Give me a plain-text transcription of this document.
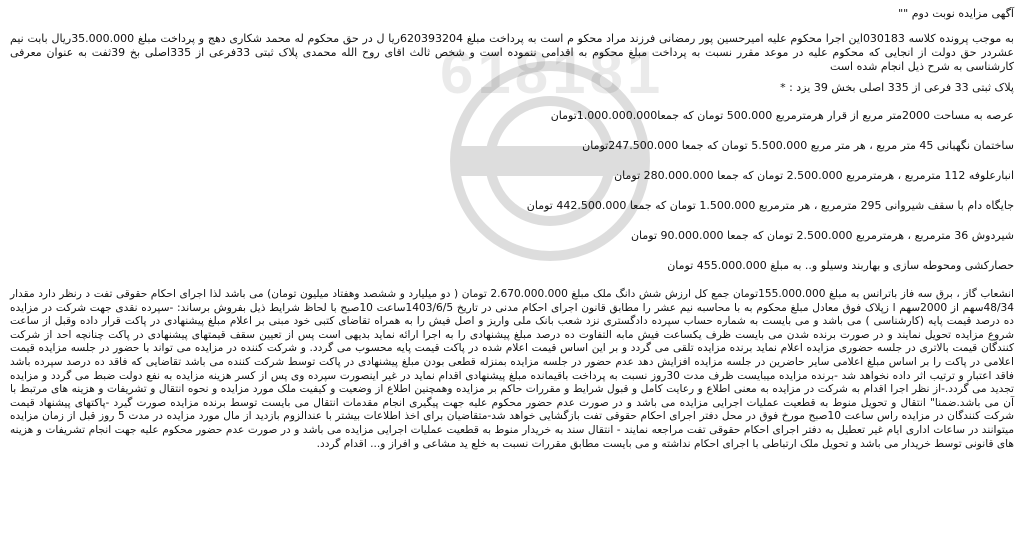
618181
آگهی مزایده نوبت دوم ""
به موجب پرونده کلاسه 030183این اجرا محکوم علیه امیرحسین پور رمضانی فرزند مراد محکو م است به پرداخت مبلغ 620393204ریا ل در حق محکوم له محمد شکاری دهج و پرداخت مبلغ 35.000.000ریال بابت نیم عشردر حق دولت از انجایی که محکوم علیه در موعد مقرر نسبت به پرداخت مبلغ محکوم به اقدامی ننموده است و شخص ثالث اقای روح الله محمدی پلاک ثبتی 33فرعی از 335اصلی بخ 39ثفت به عنوان معرفی کارشناسی به شرح ذیل انجام شده است
پلاک ثبتی 33 فرعی از 335 اصلی بخش 39 یزد : *
عرصه به مساحت 2000متر مربع از قرار هرمترمربع 500.000 تومان که جمعا1.000.000.000تومان
ساختمان نگهبانی 45 متر مربع ، هر متر مربع 5.500.000 تومان که جمعا 247.500.000تومان
انبارعلوفه 112 مترمربع ، هرمترمربع 2.500.000 تومان که جمعا 280.000.000 تومان
جایگاه دام با سقف شیروانی 295 مترمربع ، هر مترمربع 1.500.000 تومان که جمعا 442.500.000 تومان
شیردوش 36 مترمربع ، هرمترمربع 2.500.000 تومان که جمعا 90.000.000 تومان
حصارکشی ومحوطه سازی و بهاربند وسیلو و.. به مبلغ 455.000.000 تومان
انشعاب گاز ، برق سه فاز باترانس به مبلغ 155.000.000تومان جمع کل ارزش شش دانگ ملک مبلغ 2.670.000.000 تومان ( دو میلیارد و ششصد وهفتاد میلیون تومان) می باشد لذا اجرای احکام حقوقی تفت د رنظر دارد مقدار 48/34سهم از 2000سهم ا زپلاک فوق معادل مبلغ محکوم به با محاسبه نیم عشر را مطابق قانون اجرای احکام مدنی در تاریخ 1403/6/5ساعت 10صبح با لحاظ شرایط ذیل بفروش برساند: -سپرده نقدی جهت شرکت در مزایده ده درصد قیمت پایه (کارشناسی ) می باشد و می بایست به شماره حساب سپرده دادگستری نزد شعب بانک ملی واریز و اصل فیش را به همراه تقاضای کتبی خود مبنی بر اعلام مبلغ پیشنهادی در پاکت قرار داده وقبل از ساعت شروع مزایده تحویل نمایند و در صورت برنده شدن می بایست ظرف یکساعت فیش مابه التفاوت ده درصد مبلغ پیشنهادی را به اجرا ارائه نماید بدیهی است پس از تعیین سقف قیمتهای پیشنهادی در پاکت چنانچه احد از شرکت کنندگان قیمت بالاتری در جلسه حضوری مزایده اعلام نماید برنده مزایده تلقی می گردد و بر این اساس قیمت اعلام شده در پاکت قیمت پایه محسوب می گردد. و شرکت کننده در مزایده می تواند با حضور در جلسه مزایده قیمت اعلامی در پاکت را بر اساس مبلغ اعلامی سایر حاضرین در جلسه مزایده افزایش دهد عدم حضور در جلسه مزایده بمنزله قطعی بودن مبلغ پیشنهادی در پاکت توسط شرکت کننده می باشد تقاضایی که فاقد ده درصد سپرده باشد فاقد اعتبار و ترتیب اثر داده نخواهد شد -برنده مزایده میبایست ظرف مدت 30روز نسبت به پرداخت باقیمانده مبلغ پیشنهادی اقدام نماید در غیر اینصورت سپرده وی پس از کسر هزینه مزایده به نفع دولت ضبط می گردد و مزایده تجدید می گردد.-از نظر اجرا اقدام به شرکت در مزایده به معنی اطلاع و رعایت کامل و قبول شرایط و مقررات حاکم بر مزایده وهمچنین اطلاع از وضعیت و کیفیت ملک مورد مزایده و نحوه انتقال و تشریفات و هزینه های مرتبط با آن می باشد.ضمنا" انتقال و تحویل منوط به قطعیت عملیات اجرایی مزایده می باشد و در صورت عدم حضور محکوم علیه جهت پیگیری انجام مقدمات انتقال می بایست توسط برنده مزایده صورت گیرد -پاکتهای پیشنهاد قیمت شرکت کنندگان در مزایده راس ساعت 10صبح مورخ فوق در محل دفتر اجرای احکام حقوقی تفت بازگشایی خواهد شد-متقاضیان برای اخذ اطلاعات بیشتر با عندالزوم بازدید از مال مورد مزایده در مدت 5 روز قبل از زمان مزایده میتوانند در ساعات اداری ایام غیر تعطیل به دفتر اجرای احکام حقوقی تفت مراجعه نمایند - انتقال سند به خریدار منوط به قطعیت عملیات اجرایی مزایده می باشد و در صورت عدم حضور محکوم علیه جهت انجام تشریفات و هزینه های قانونی توسط خریدار می باشد و تحویل ملک ارتباطی با اجرای احکام نداشته و می بایست مطابق مقررات نسبت به خلع ید مشاعی و افراز و... اقدام گردد.
